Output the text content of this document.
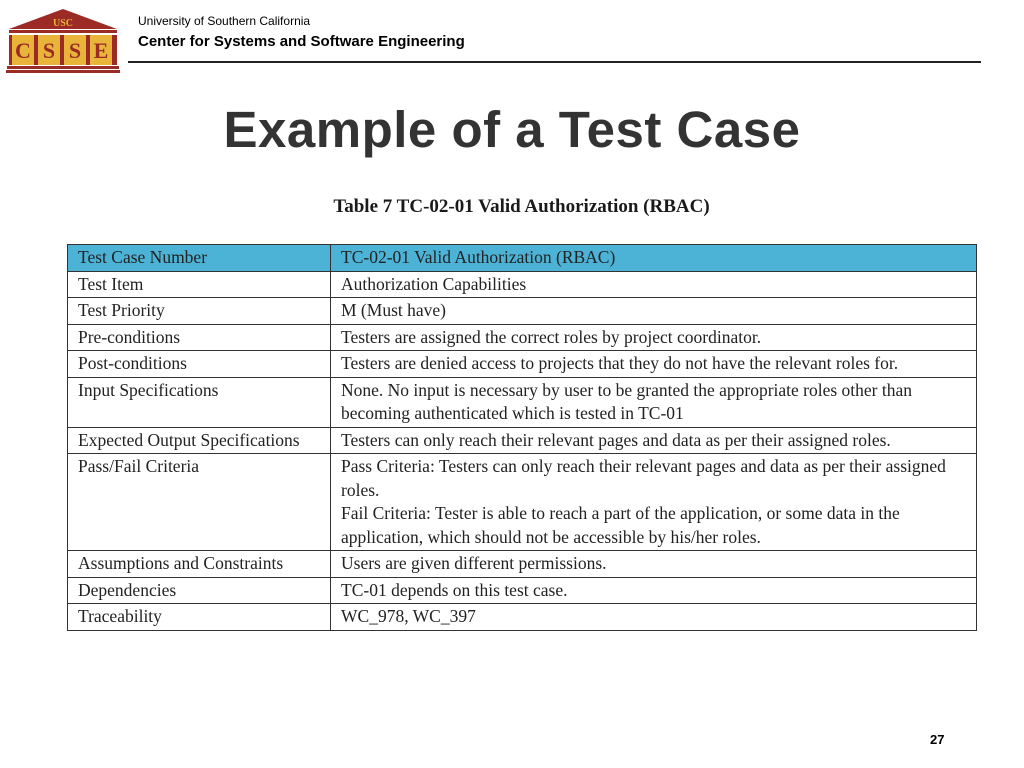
USC
C S S E
University of Southern California
Center for Systems and Software Engineering
Example of a Test Case
Table 7 TC-02-01 Valid Authorization (RBAC)
Test Case Number	TC-02-01 Valid Authorization (RBAC)
Test Item	Authorization Capabilities
Test Priority	M (Must have)
Pre-conditions	Testers are assigned the correct roles by project coordinator.
Post-conditions	Testers are denied access to projects that they do not have the relevant roles for.
Input Specifications	None. No input is necessary by user to be granted the appropriate roles other than becoming authenticated which is tested in TC-01
Expected Output Specifications	Testers can only reach their relevant pages and data as per their assigned roles.
Pass/Fail Criteria	Pass Criteria: Testers can only reach their relevant pages and data as per their assigned roles.
Fail Criteria: Tester is able to reach a part of the application, or some data in the application, which should not be accessible by his/her roles.

Assumptions and Constraints	Users are given different permissions.
Dependencies	TC-01 depends on this test case.
Traceability	WC_978, WC_397
27
